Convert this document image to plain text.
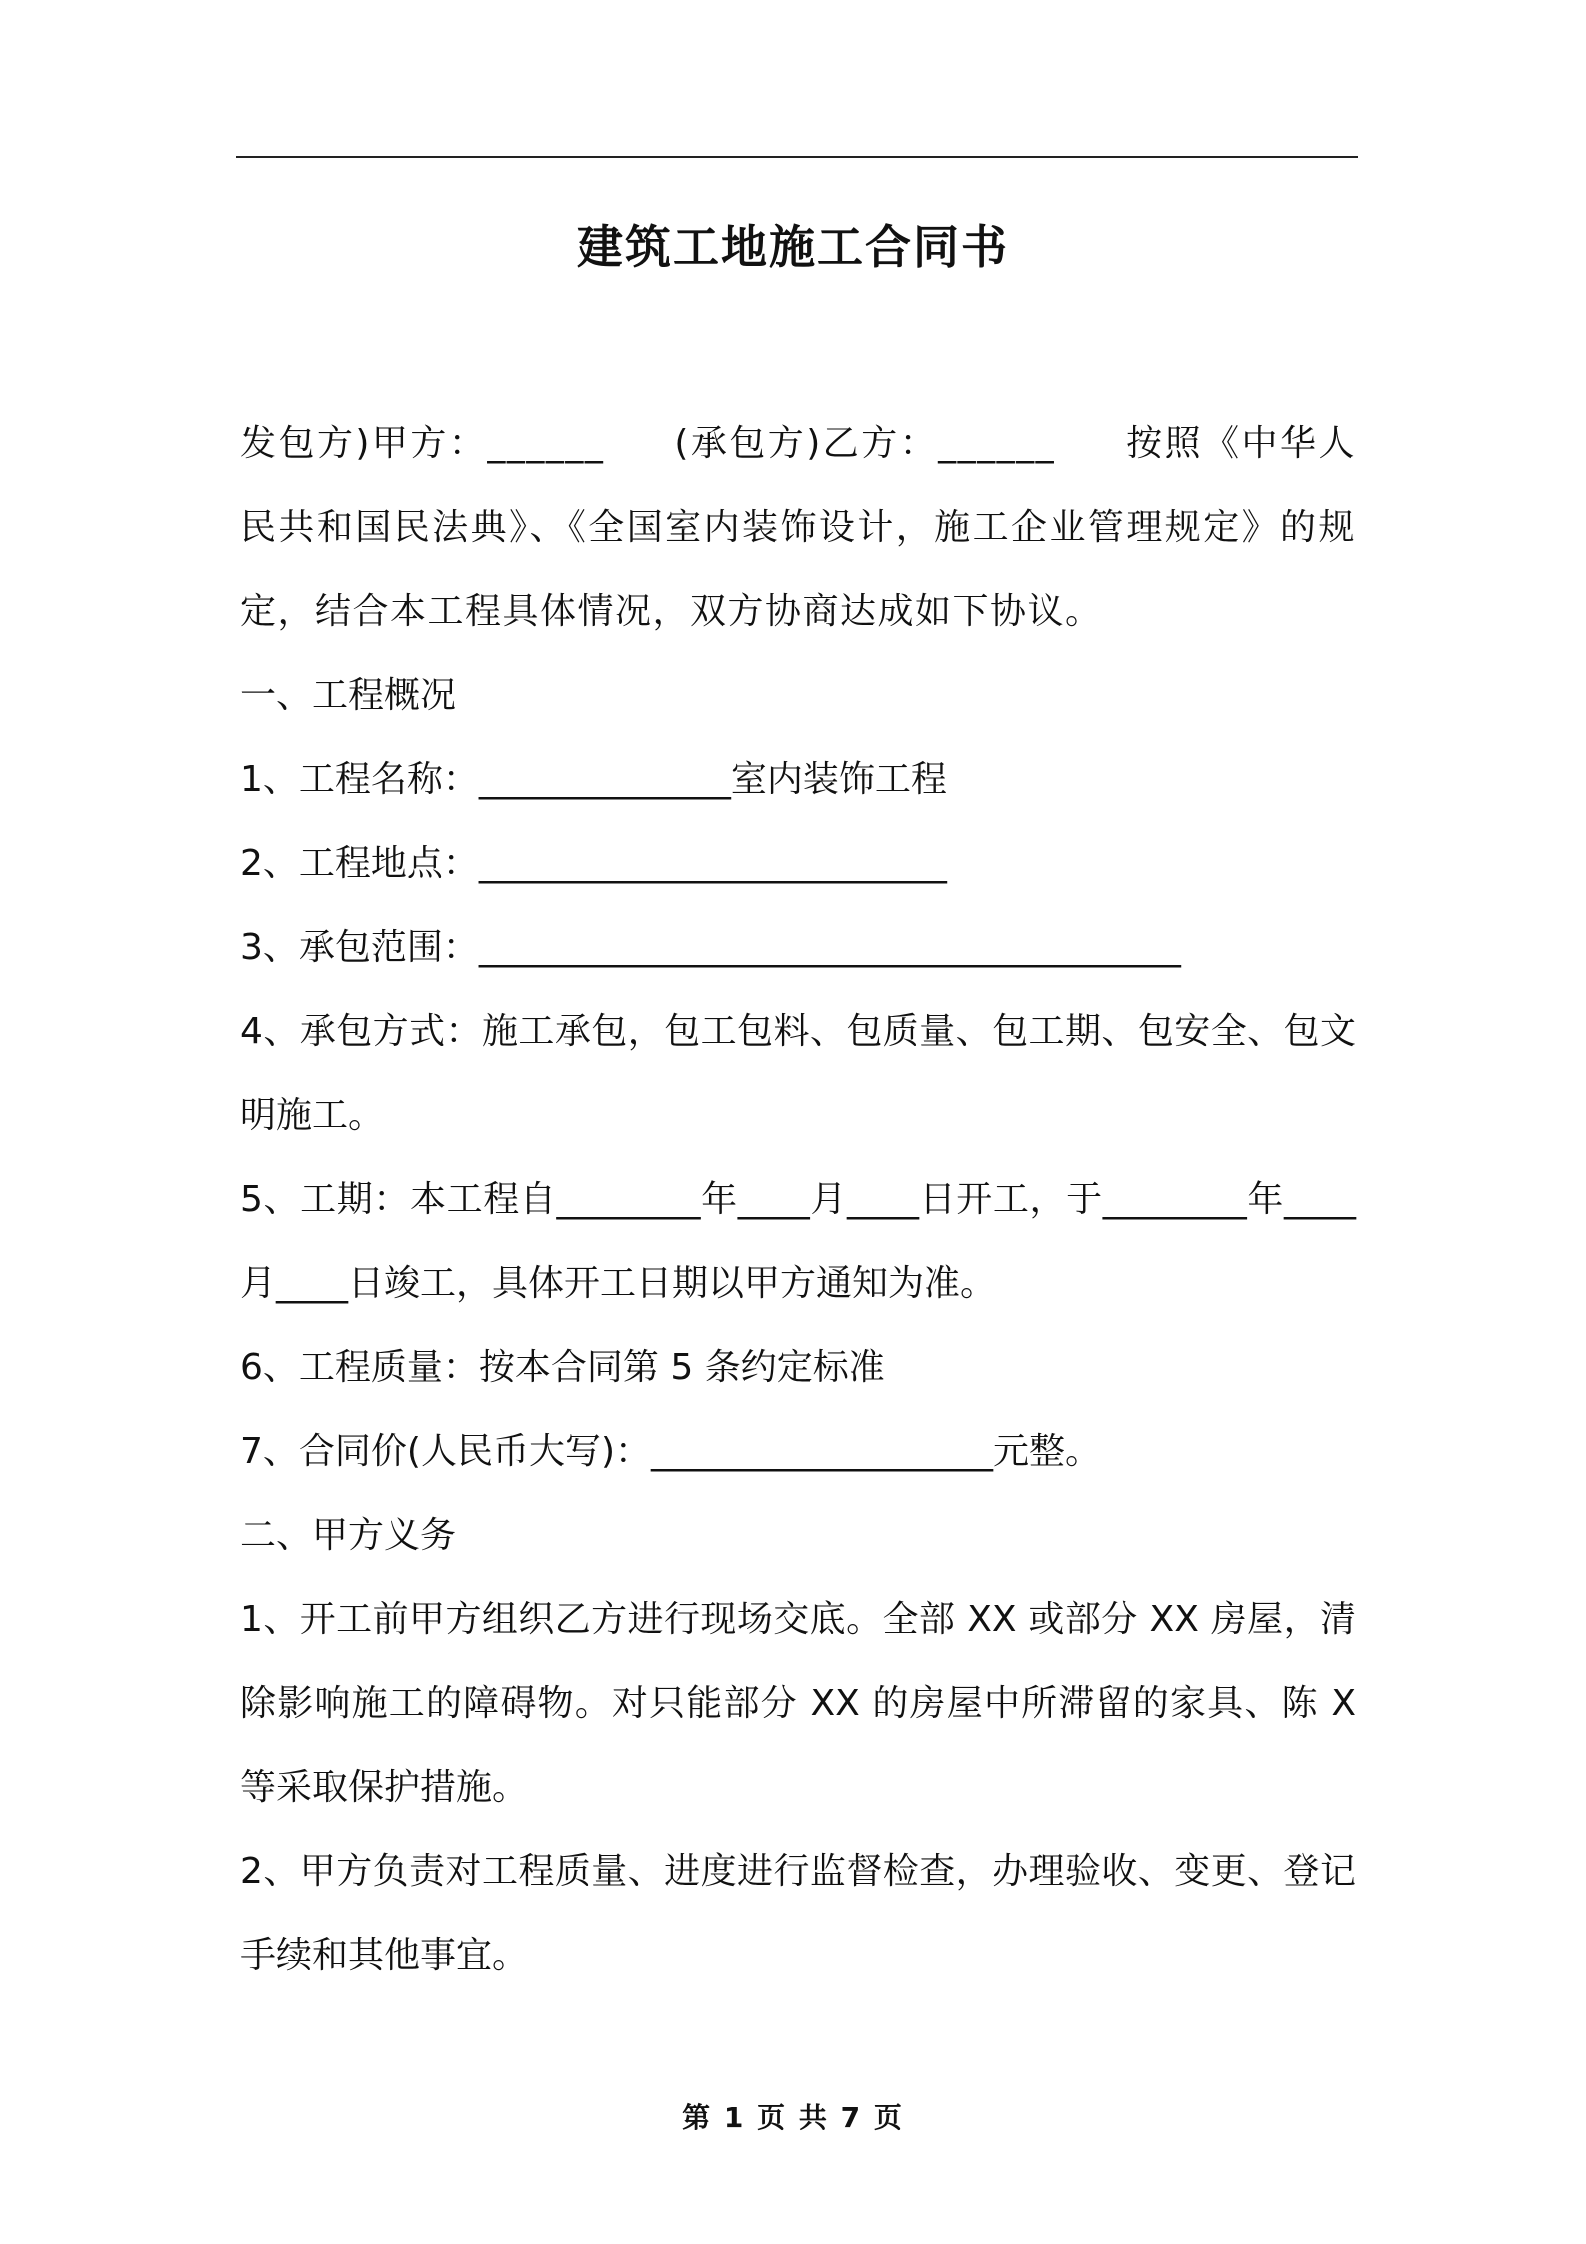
建筑工地施工合同书

发包方)甲方：______ (承包方)乙方：______ 按照《中华人民共和国民法典》、《全国室内装饰设计，施工企业管理规定》的规定，结合本工程具体情况，双方协商达成如下协议。

一、工程概况

1、工程名称：______________室内装饰工程

2、工程地点：__________________________

3、承包范围：_______________________________________

4、承包方式：施工承包，包工包料、包质量、包工期、包安全、包文明施工。

5、工期：本工程自________年____月____日开工，于________年____月____日竣工，具体开工日期以甲方通知为准。

6、工程质量：按本合同第 5 条约定标准

7、合同价(人民币大写)：___________________元整。

二、甲方义务

1、开工前甲方组织乙方进行现场交底。全部 XX 或部分 XX 房屋，清除影响施工的障碍物。对只能部分 XX 的房屋中所滞留的家具、陈 X 等采取保护措施。

2、甲方负责对工程质量、进度进行监督检查，办理验收、变更、登记手续和其他事宜。

第 1 页 共 7 页
